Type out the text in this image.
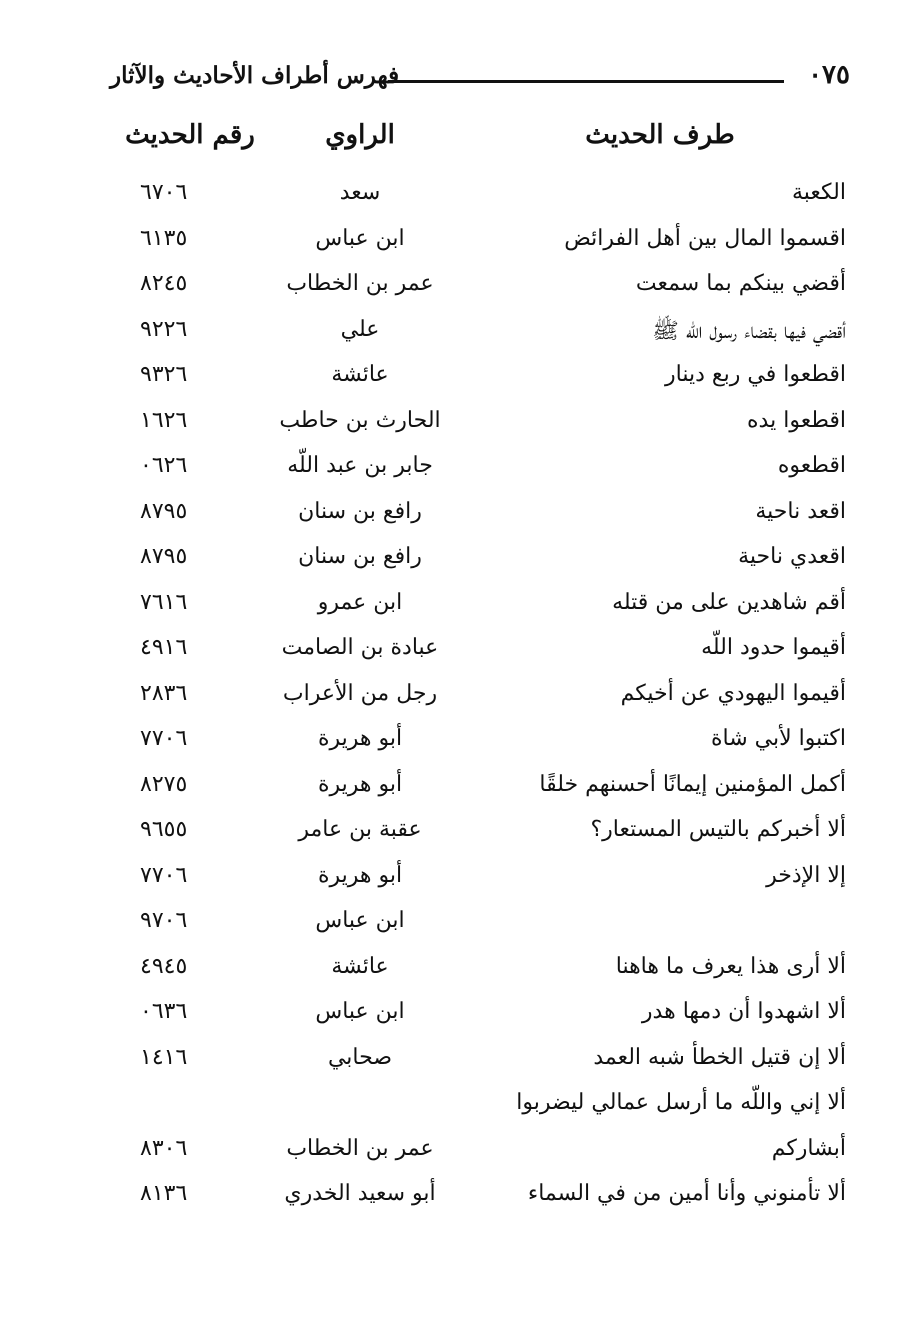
٥٧٠
فهرس أطراف الأحاديث والآثار
طرف الحديث
الراوي
رقم الحديث
الكعبة
سعد
٦٠٧٦
اقسموا المال بين أهل الفرائض
ابن عباس
٥٣١٦
أقضي بينكم بما سمعت
عمر بن الخطاب
٥٤٢٨
أقضي فيها بقضاء رسول اللّه ﷺ
علي
٦٢٢٩
اقطعوا في ربع دينار
عائشة
٦٢٣٩
اقطعوا يده
الحارث بن حاطب
٦٢٦١
اقطعوه
جابر بن عبد اللّه
٦٢٦٠
اقعد ناحية
رافع بن سنان
٥٩٧٨
اقعدي ناحية
رافع بن سنان
٥٩٧٨
أقم شاهدين على من قتله
ابن عمرو
٦١٦٧
أقيموا حدود اللّه
عبادة بن الصامت
٦١٩٤
أقيموا اليهودي عن أخيكم
رجل من الأعراب
٦٣٨٢
اكتبوا لأبي شاة
أبو هريرة
٦٠٧٧
أكمل المؤمنين إيمانًا أحسنهم خلقًا
أبو هريرة
٥٧٢٨
ألا أخبركم بالتيس المستعار؟
عقبة بن عامر
٥٥٦٩
إلا الإذخر
أبو هريرة
٦٠٧٧
ابن عباس
٦٠٧٩
ألا أرى هذا يعرف ما هاهنا
عائشة
٥٤٩٤
ألا اشهدوا أن دمها هدر
ابن عباس
٦٣٦٠
ألا إن قتيل الخطأ شبه العمد
صحابي
٦١٤١
ألا إني واللّه ما أرسل عمالي ليضربوا
أبشاركم
عمر بن الخطاب
٦٠٣٨
ألا تأمنوني وأنا أمين من في السماء
أبو سعيد الخدري
٦٣١٨
